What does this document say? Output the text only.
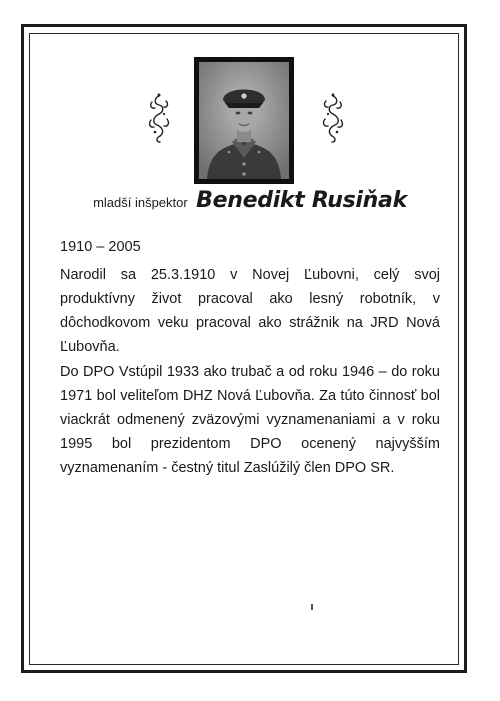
mladší inšpektor Benedikt Rusiňak
1910 – 2005

Narodil sa 25.3.1910 v Novej Ľubovni, celý svoj produktívny život pracoval ako lesný robotník, v dôchodkovom veku pracoval ako strážnik na JRD Nová Ľubovňa.

Do DPO Vstúpil 1933 ako trubač a od roku 1946 – do roku 1971 bol veliteľom DHZ Nová Ľubovňa. Za túto činnosť bol viackrát odmenený zväzovými vyznamenaniami a v roku 1995 bol prezidentom DPO ocenený najvyšším vyznamenaním - čestný titul Zaslúžilý člen DPO SR.
